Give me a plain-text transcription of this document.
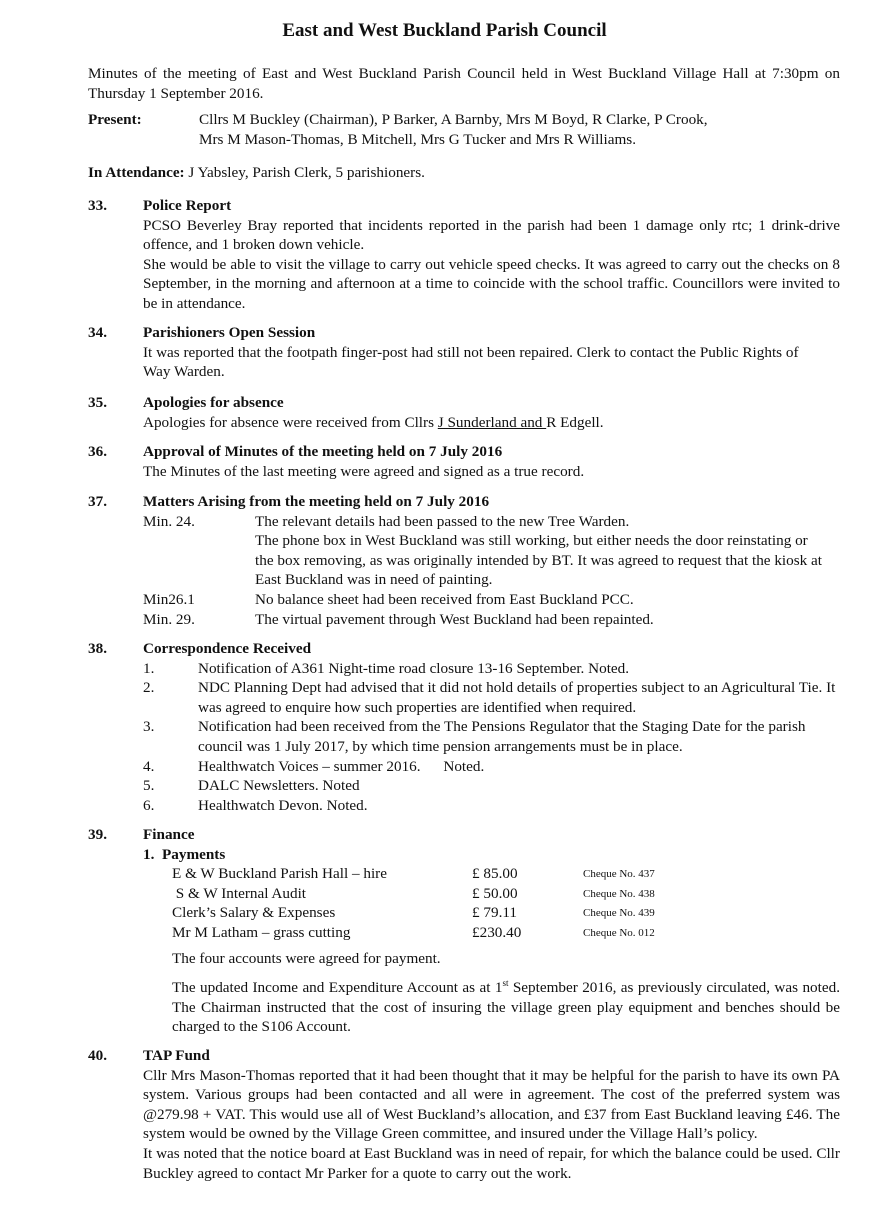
East and West Buckland Parish Council
Minutes of the meeting of East and West Buckland Parish Council held in West Buckland Village Hall at 7:30pm on Thursday 1 September 2016.
Present:	Cllrs M Buckley (Chairman), P Barker, A Barnby, Mrs M Boyd, R Clarke, P Crook,
Mrs M Mason-Thomas, B Mitchell, Mrs G Tucker and Mrs R Williams.
In Attendance: J Yabsley, Parish Clerk, 5 parishioners.
33. Police Report
PCSO Beverley Bray reported that incidents reported in the parish had been 1 damage only rtc; 1 drink-drive offence, and 1 broken down vehicle.
She would be able to visit the village to carry out vehicle speed checks. It was agreed to carry out the checks on 8 September, in the morning and afternoon at a time to coincide with the school traffic. Councillors were invited to be in attendance.
34. Parishioners Open Session
It was reported that the footpath finger-post had still not been repaired. Clerk to contact the Public Rights of Way Warden.
35. Apologies for absence
Apologies for absence were received from Cllrs J Sunderland and R Edgell.
36. Approval of Minutes of the meeting held on 7 July 2016
The Minutes of the last meeting were agreed and signed as a true record.
37. Matters Arising from the meeting held on 7 July 2016
Min. 24.	The relevant details had been passed to the new Tree Warden.
The phone box in West Buckland was still working, but either needs the door reinstating or the box removing, as was originally intended by BT. It was agreed to request that the kiosk at East Buckland was in need of painting.
Min26.1	No balance sheet had been received from East Buckland PCC.
Min. 29.	The virtual pavement through West Buckland had been repainted.
38. Correspondence Received
1.	Notification of A361 Night-time road closure 13-16 September. Noted.
2.	NDC Planning Dept had advised that it did not hold details of properties subject to an Agricultural Tie. It was agreed to enquire how such properties are identified when required.
3.	Notification had been received from the The Pensions Regulator that the Staging Date for the parish council was 1 July 2017, by which time pension arrangements must be in place.
4.	Healthwatch Voices – summer 2016.      Noted.
5.	DALC Newsletters. Noted
6.	Healthwatch Devon. Noted.
39. Finance
1.  Payments
E & W Buckland Parish Hall – hire	£ 85.00	Cheque No. 437
S & W Internal Audit	£ 50.00	Cheque No. 438
Clerk’s Salary & Expenses	£ 79.11	Cheque No. 439
Mr M Latham – grass cutting	£230.40	Cheque No. 012
The four accounts were agreed for payment.
The updated Income and Expenditure Account as at 1st September 2016, as previously circulated, was noted. The Chairman instructed that the cost of insuring the village green play equipment and benches should be charged to the S106 Account.
40. TAP Fund
Cllr Mrs Mason-Thomas reported that it had been thought that it may be helpful for the parish to have its own PA system. Various groups had been contacted and all were in agreement. The cost of the preferred system was @279.98 + VAT. This would use all of West Buckland’s allocation, and £37 from East Buckland leaving £46. The system would be owned by the Village Green committee, and insured under the Village Hall’s policy.
It was noted that the notice board at East Buckland was in need of repair, for which the balance could be used. Cllr Buckley agreed to contact Mr Parker for a quote to carry out the work.
